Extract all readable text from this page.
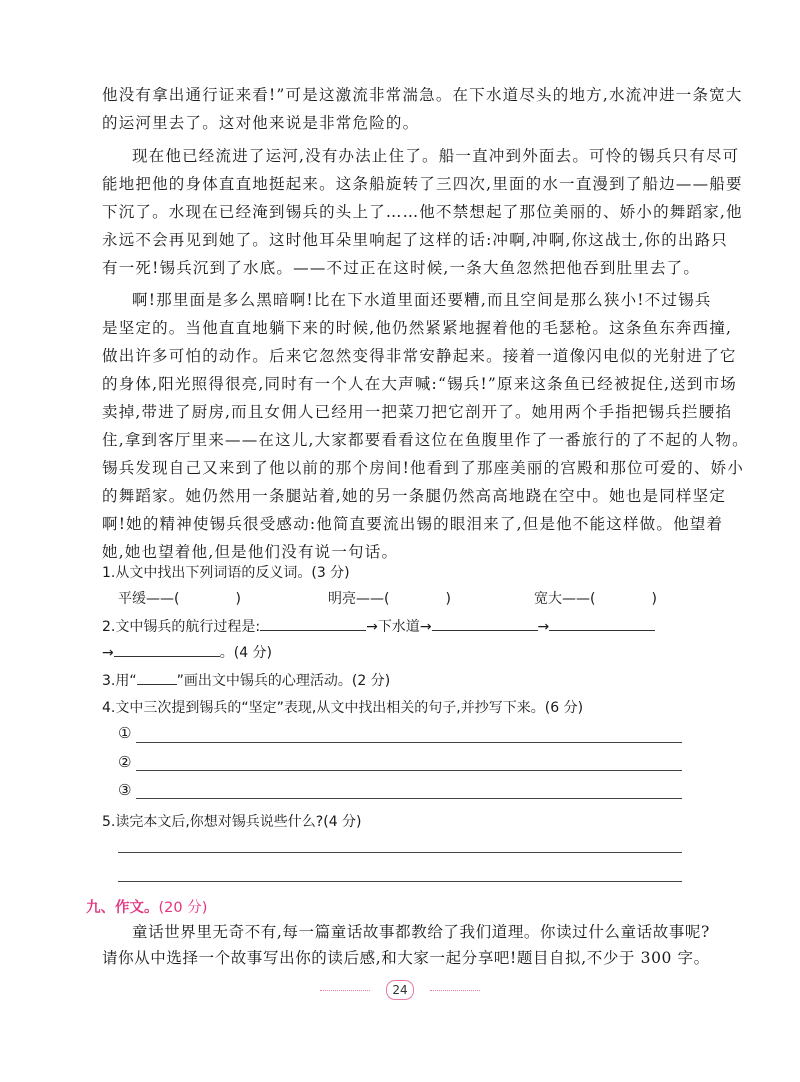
他没有拿出通行证来看!”可是这激流非常湍急。在下水道尽头的地方,水流冲进一条宽大
的运河里去了。这对他来说是非常危险的。
现在他已经流进了运河,没有办法止住了。船一直冲到外面去。可怜的锡兵只有尽可
能地把他的身体直直地挺起来。这条船旋转了三四次,里面的水一直漫到了船边——船要
下沉了。水现在已经淹到锡兵的头上了……他不禁想起了那位美丽的、娇小的舞蹈家,他
永远不会再见到她了。这时他耳朵里响起了这样的话:冲啊,冲啊,你这战士,你的出路只
有一死!锡兵沉到了水底。——不过正在这时候,一条大鱼忽然把他吞到肚里去了。
啊!那里面是多么黑暗啊!比在下水道里面还要糟,而且空间是那么狭小!不过锡兵
是坚定的。当他直直地躺下来的时候,他仍然紧紧地握着他的毛瑟枪。这条鱼东奔西撞,
做出许多可怕的动作。后来它忽然变得非常安静起来。接着一道像闪电似的光射进了它
的身体,阳光照得很亮,同时有一个人在大声喊:“锡兵!”原来这条鱼已经被捉住,送到市场
卖掉,带进了厨房,而且女佣人已经用一把菜刀把它剖开了。她用两个手指把锡兵拦腰掐
住,拿到客厅里来——在这儿,大家都要看看这位在鱼腹里作了一番旅行的了不起的人物。
锡兵发现自己又来到了他以前的那个房间!他看到了那座美丽的宫殿和那位可爱的、娇小
的舞蹈家。她仍然用一条腿站着,她的另一条腿仍然高高地跷在空中。她也是同样坚定
啊!她的精神使锡兵很受感动:他简直要流出锡的眼泪来了,但是他不能这样做。他望着
她,她也望着他,但是他们没有说一句话。
1.从文中找出下列词语的反义词。(3 分)
平缓——(	)	明亮——(	)	宽大——(	)
2.文中锡兵的航行过程是:	→下水道→	→
→	。(4 分)
3.用“	”画出文中锡兵的心理活动。(2 分)
4.文中三次提到锡兵的“坚定”表现,从文中找出相关的句子,并抄写下来。(6 分)
①
②
③
5.读完本文后,你想对锡兵说些什么?(4 分)
九、作文。(20 分)
童话世界里无奇不有,每一篇童话故事都教给了我们道理。你读过什么童话故事呢?
请你从中选择一个故事写出你的读后感,和大家一起分享吧!题目自拟,不少于 300 字。
24
